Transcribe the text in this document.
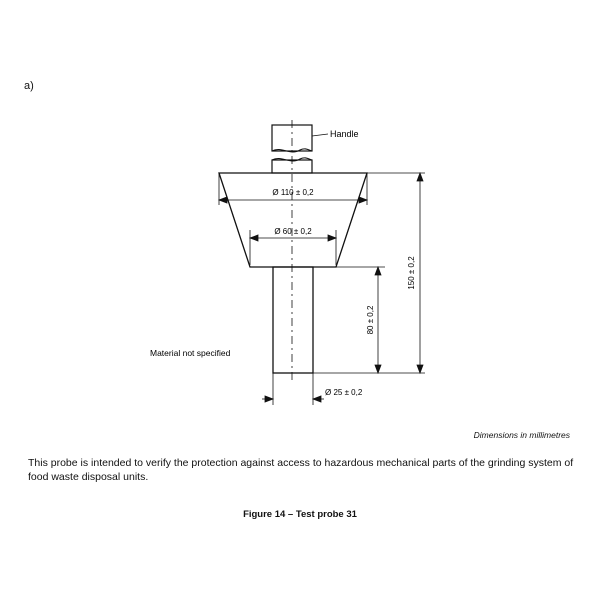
a)
Handle
Ø 110 ± 0,2
Ø 60 ± 0,2
Ø 25 ± 0,2
80 ± 0,2
150 ± 0,2
Material not specified
Dimensions in millimetres
This probe is intended to verify the protection against access to hazardous mechanical parts of the grinding system of food waste disposal units.
Figure 14 – Test probe 31
